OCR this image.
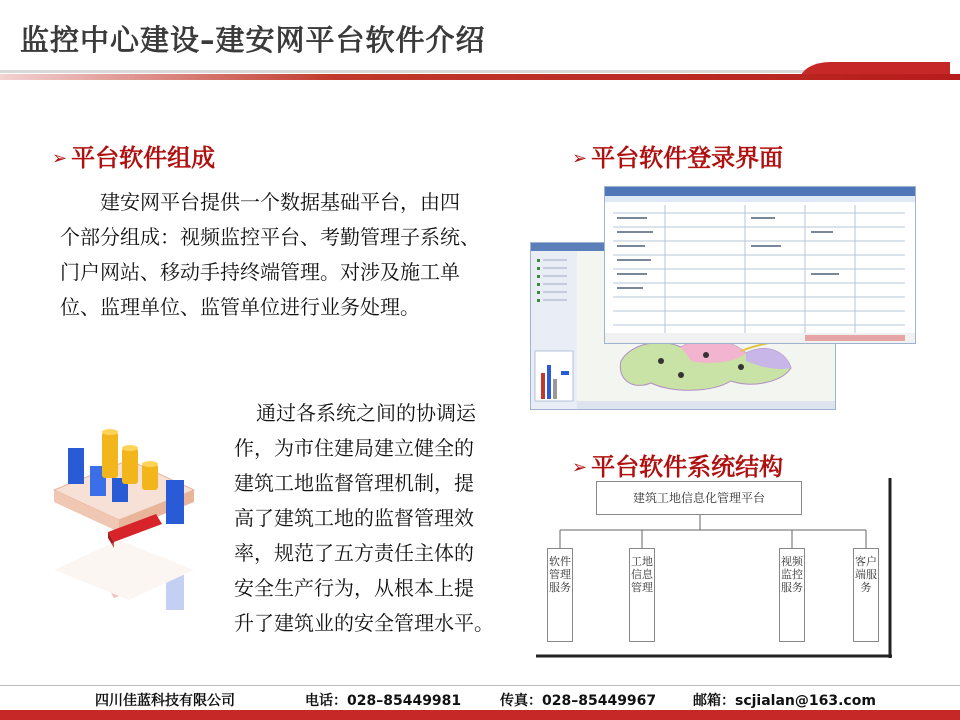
监控中心建设–建安网平台软件介绍
➢ 平台软件组成
建安网平台提供一个数据基础平台，由四
个部分组成：视频监控平台、考勤管理子系统、
门户网站、移动手持终端管理。对涉及施工单
位、监理单位、监管单位进行业务处理。
通过各系统之间的协调运
作，为市住建局建立健全的
建筑工地监督管理机制，提
高了建筑工地的监督管理效
率，规范了五方责任主体的
安全生产行为，从根本上提
升了建筑业的安全管理水平。
➢ 平台软件登录界面
➢ 平台软件系统结构
建筑工地信息化管理平台
软件管理服务
工地信息管理
视频监控服务
客户端服务
四川佳蓝科技有限公司	电话：028–85449981	传真：028–85449967	邮箱：scjialan@163.com
